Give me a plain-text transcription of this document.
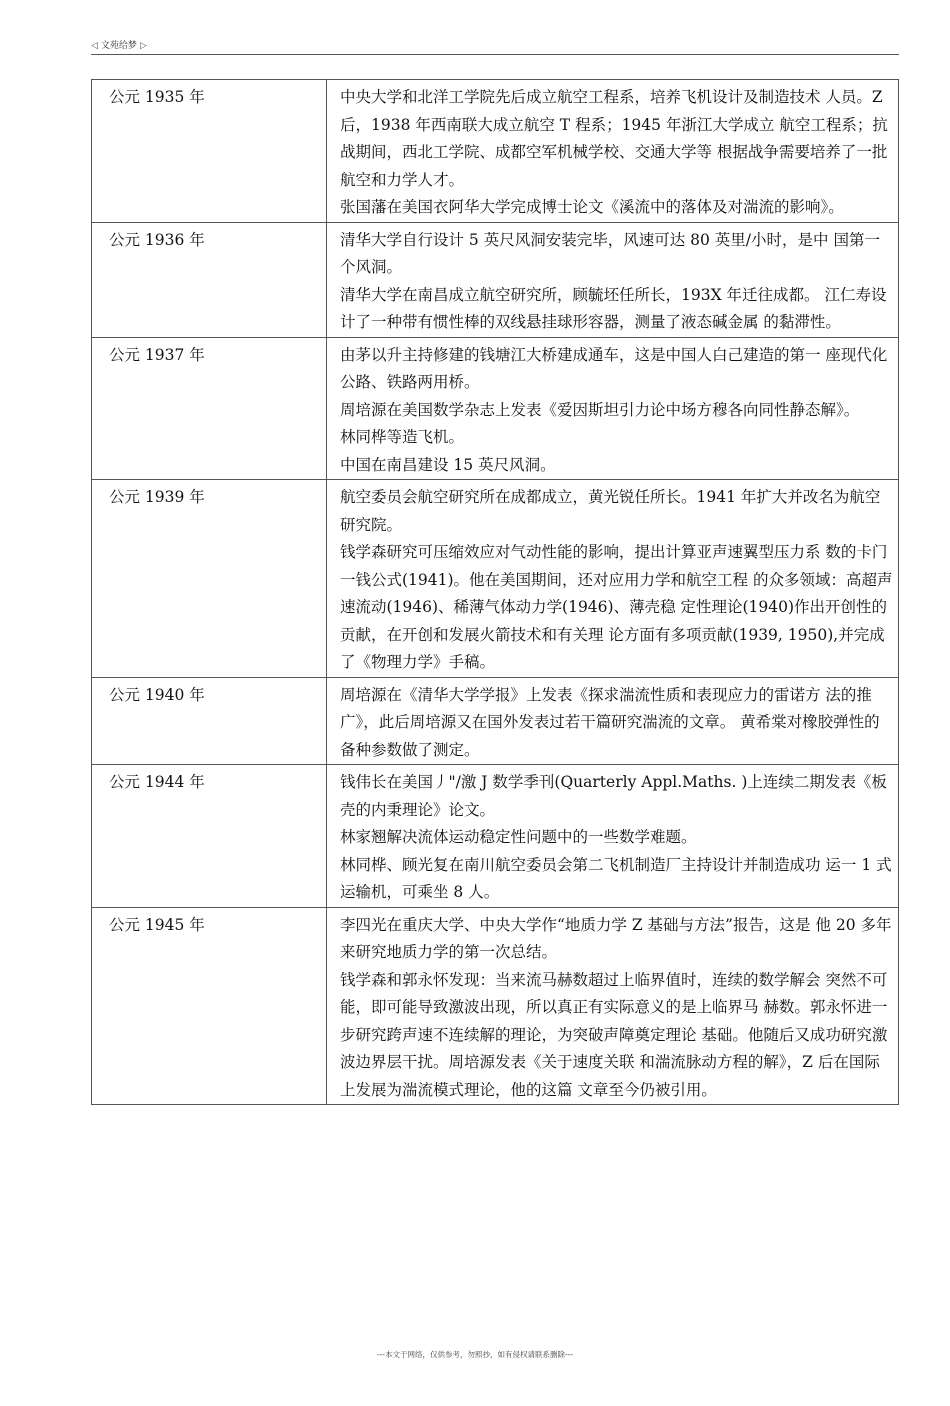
◁ 文苑给梦 ▷
公元 1935 年	中央大学和北洋工学院先后成立航空工程系，培养飞机设计及制造技术 人员。Z 后，1938 年西南联大成立航空 T 程系；1945 年浙江大学成立 航空工程系；抗战期间，西北工学院、成都空军机械学校、交通大学等 根据战争需要培养了一批航空和力学人才。

张国藩在美国衣阿华大学完成博士论文《溪流中的落体及对湍流的影响》。

公元 1936 年	清华大学自行设计 5 英尺风洞安装完毕，风速可达 80 英里/小时，是中 国第一个风洞。

清华大学在南昌成立航空研究所，顾毓坯任所长，193X 年迁往成都。 江仁寿设计了一种带有惯性棒的双线悬挂球形容器，测量了液态碱金属 的黏滞性。

公元 1937 年	由茅以升主持修建的钱塘江大桥建成通车，这是中国人白己建造的第一 座现代化公路、铁路两用桥。

周培源在美国数学杂志上发表《爱因斯坦引力论中场方穆各向同性静态解》。

林同桦等造飞机。

中国在南昌建设 15 英尺风洞。

公元 1939 年	航空委员会航空研究所在成都成立，黄光锐任所长。1941 年扩大并改名为航空研究院。

钱学森研究可压缩效应对气动性能的影响，提出计算亚声速翼型压力系 数的卡门一钱公式(1941)。他在美国期间，还对应用力学和航空工程 的众多领域：高超声速流动(1946)、稀薄气体动力学(1946)、薄壳稳 定性理论(1940)作出开创性的贡献，在开创和发展火箭技术和有关理 论方面有多项贡献(1939, 1950),并完成了《物理力学》手稿。

公元 1940 年	周培源在《清华大学学报》上发表《探求湍流性质和表现应力的雷诺方 法的推广》，此后周培源又在国外发表过若干篇研究湍流的文章。 黄希棠对橡胶弹性的备种参数做了测定。

公元 1944 年	钱伟长在美国丿"/激 J 数学季刊(Quarterly Appl.Maths. )上连续二期发表《板 壳的内秉理论》论文。

林家翘解决流体运动稳定性问题中的一些数学难题。

林同桦、顾光复在南川航空委员会第二飞机制造厂主持设计并制造成功 运一 1 式运输机，可乘坐 8 人。

公元 1945 年	李四光在重庆大学、中央大学作“地质力学 Z 基础与方法”报告，这是 他 20 多年来研究地质力学的第一次总结。

钱学森和郭永怀发现：当来流马赫数超过上临界值时，连续的数学解会 突然不可能，即可能导致激波出现，所以真正有实际意义的是上临界马 赫数。郭永怀进一步研究跨声速不连续解的理论，为突破声障奠定理论 基础。他随后又成功研究激波边界层干扰。周培源发表《关于速度关联 和湍流脉动方程的解》，Z 后在国际上发展为湍流模式理论，他的这篇 文章至今仍被引用。

---本文于网络，仅供参考，勿照抄，如有侵权请联系删除---
